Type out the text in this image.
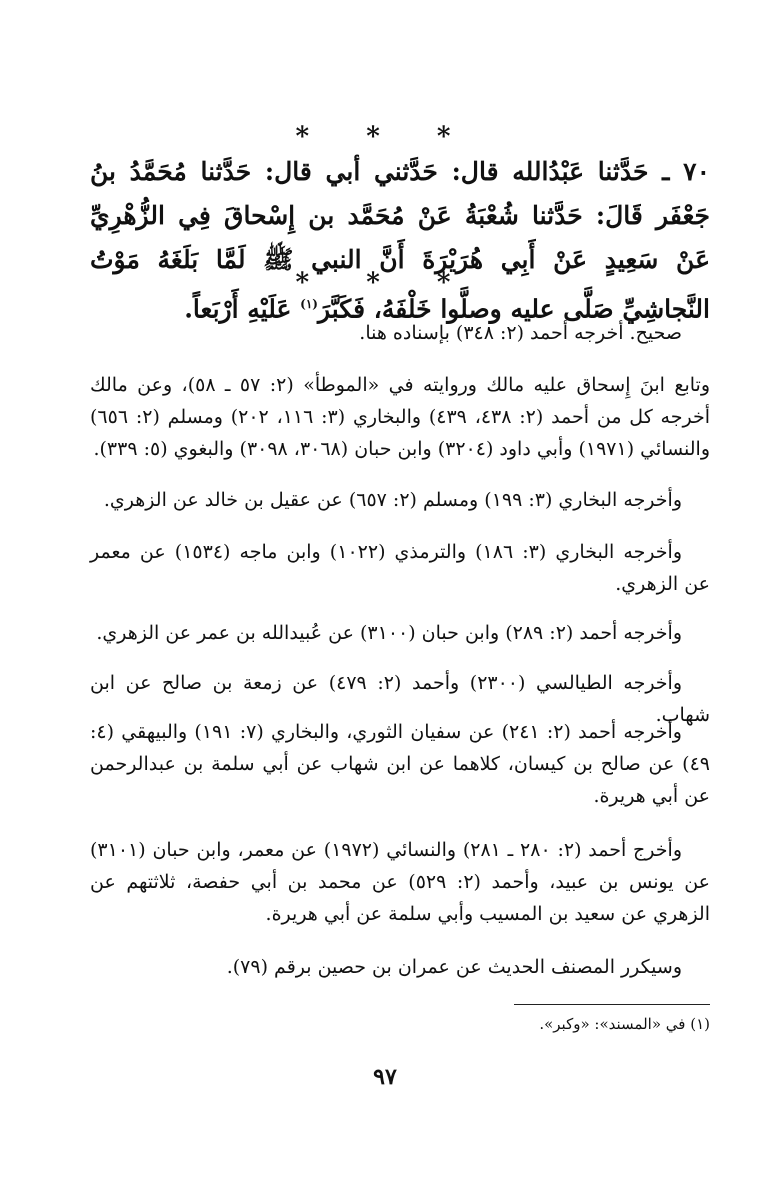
* * *
٧٠ ـ حَدَّثنا عَبْدُالله قال: حَدَّثني أبي قال: حَدَّثنا مُحَمَّدُ بنُ جَعْفَر قَالَ: حَدَّثنا شُعْبَةُ عَنْ مُحَمَّد بن إِسْحاقَ فِي الزُّهْرِيِّ عَنْ سَعِيدٍ عَنْ أَبِي هُرَيْرَةَ أَنَّ النبي ﷺ لَمَّا بَلَغَهُ مَوْتُ النَّجاشِيِّ صَلَّى عليه وصلَّوا خَلْفَهُ، فَكَبَّرَ$^{(١)}$ عَلَيْهِ أَرْبَعاً.
* * *
صحيح. أخرجه أحمد (٢: ٣٤٨) بإسناده هنا.
وتابع ابنَ إِسحاق عليه مالك وروايته في «الموطأ» (٢: ٥٧ ـ ٥٨)، وعن مالك أخرجه كل من أحمد (٢: ٤٣٨، ٤٣٩) والبخاري (٣: ١١٦، ٢٠٢) ومسلم (٢: ٦٥٦) والنسائي (١٩٧١) وأبي داود (٣٢٠٤) وابن حبان (٣٠٦٨، ٣٠٩٨) والبغوي (٥: ٣٣٩).
وأخرجه البخاري (٣: ١٩٩) ومسلم (٢: ٦٥٧) عن عقيل بن خالد عن الزهري.
وأخرجه البخاري (٣: ١٨٦) والترمذي (١٠٢٢) وابن ماجه (١٥٣٤) عن معمر عن الزهري.
وأخرجه أحمد (٢: ٢٨٩) وابن حبان (٣١٠٠) عن عُبيدالله بن عمر عن الزهري.
وأخرجه الطيالسي (٢٣٠٠) وأحمد (٢: ٤٧٩) عن زمعة بن صالح عن ابن شهاب.
وأخرجه أحمد (٢: ٢٤١) عن سفيان الثوري، والبخاري (٧: ١٩١) والبيهقي (٤: ٤٩) عن صالح بن كيسان، كلاهما عن ابن شهاب عن أبي سلمة بن عبدالرحمن عن أبي هريرة.
وأخرج أحمد (٢: ٢٨٠ ـ ٢٨١) والنسائي (١٩٧٢) عن معمر، وابن حبان (٣١٠١) عن يونس بن عبيد، وأحمد (٢: ٥٢٩) عن محمد بن أبي حفصة، ثلاثتهم عن الزهري عن سعيد بن المسيب وأبي سلمة عن أبي هريرة.
وسيكرر المصنف الحديث عن عمران بن حصين برقم (٧٩).
(١) في «المسند»: «وكبر».
٩٧
